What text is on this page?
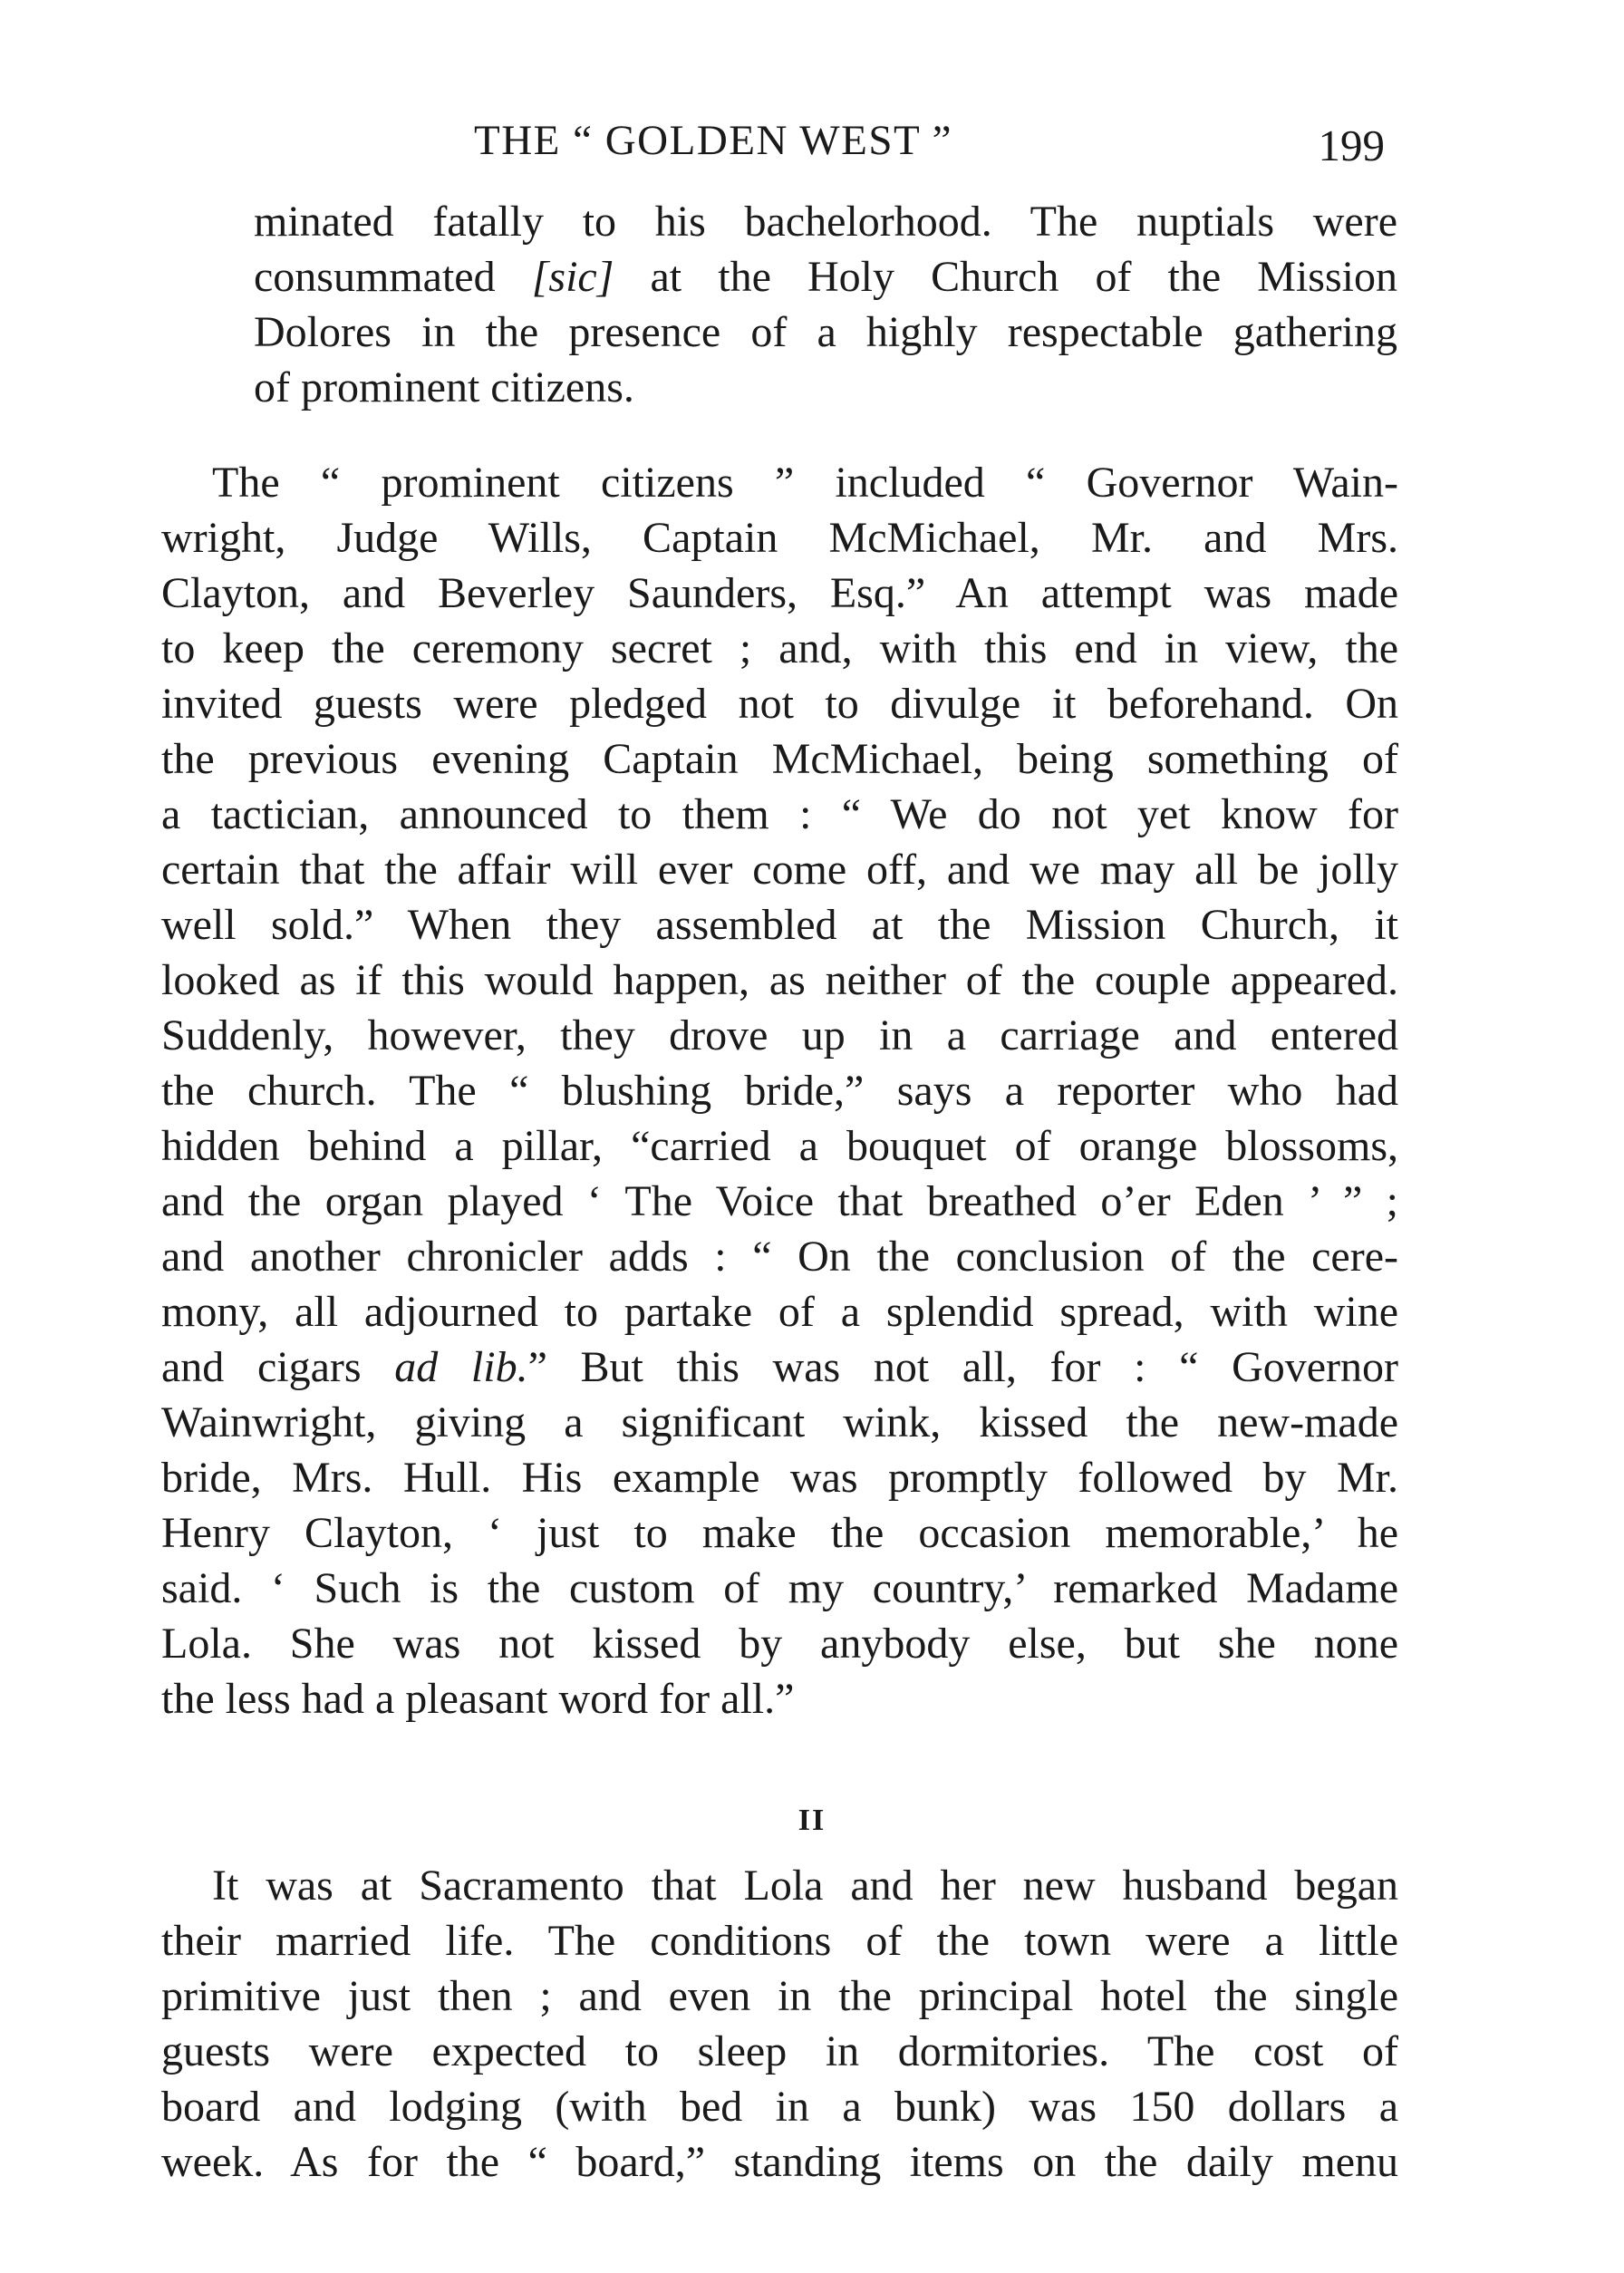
THE “ GOLDEN WEST ”	199
minated fatally to his bachelorhood. The nuptials were
consummated [sic] at the Holy Church of the Mission
Dolores in the presence of a highly respectable gathering
of prominent citizens.
The “ prominent citizens ” included “ Governor Wain-
wright, Judge Wills, Captain McMichael, Mr. and Mrs.
Clayton, and Beverley Saunders, Esq.” An attempt was made
to keep the ceremony secret ; and, with this end in view, the
invited guests were pledged not to divulge it beforehand. On
the previous evening Captain McMichael, being something of
a tactician, announced to them : “ We do not yet know for
certain that the affair will ever come off, and we may all be jolly
well sold.” When they assembled at the Mission Church, it
looked as if this would happen, as neither of the couple appeared.
Suddenly, however, they drove up in a carriage and entered
the church. The “ blushing bride,” says a reporter who had
hidden behind a pillar, “carried a bouquet of orange blossoms,
and the organ played ‘ The Voice that breathed o’er Eden ’ ” ;
and another chronicler adds : “ On the conclusion of the cere-
mony, all adjourned to partake of a splendid spread, with wine
and cigars ad lib.” But this was not all, for : “ Governor
Wainwright, giving a significant wink, kissed the new-made
bride, Mrs. Hull. His example was promptly followed by Mr.
Henry Clayton, ‘ just to make the occasion memorable,’ he
said. ‘ Such is the custom of my country,’ remarked Madame
Lola. She was not kissed by anybody else, but she none
the less had a pleasant word for all.”
II
It was at Sacramento that Lola and her new husband began
their married life. The conditions of the town were a little
primitive just then ; and even in the principal hotel the single
guests were expected to sleep in dormitories. The cost of
board and lodging (with bed in a bunk) was 150 dollars a
week. As for the “ board,” standing items on the daily menu
